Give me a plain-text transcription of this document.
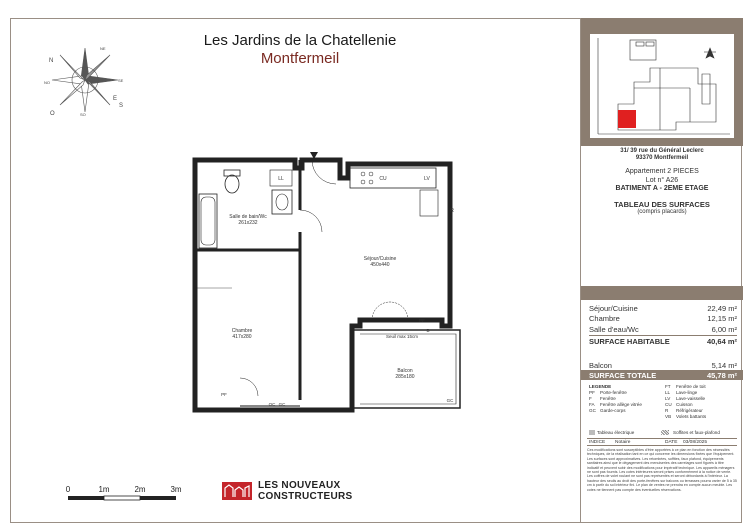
Les Jardins de la Chatellenie
Montfermeil
N
E
S
O
NE
SE
SO
NO
Salle de bain/Wc
261x232
Séjour/Cuisine
450x440
Chambre
417x280
Balcon
285x180
LL	CU	LV
R
PF
PF
GC
GC
Seuil max 15cm
OC
B
0	1m	2m	3m	LES NOUVEAUX
CONSTRUCTEURS
31/ 39 rue du Général Leclerc
93370 Montfermeil
Appartement 2 PIECES
Lot n° A26
BATIMENT A - 2EME ETAGE
TABLEAU DES SURFACES
(compris placards)
Séjour/Cuisine	22,49 m²
Chambre	12,15 m²
Salle d'eau/Wc	6,00 m²
SURFACE HABITABLE	40,64 m²
Balcon	5,14 m²
SURFACE TOTALE	45,78 m²
LEGENDE
PF Porte-fenêtre
F Fenêtre
FA Fenêtre allège vitrée
GC Garde-corps
FT Fenêtre de toit
LL Lave-linge
LV Lave-vaisselle
CU Cuisson
R Réfrigérateur
VB Volets battants
Tableau électrique	Soffites et faux-plafond
INDICE Notaire	DATE 03/08/2025
Ces modifications sont susceptibles d'être apportées à ce plan en fonction des nécessités techniques, de la réalisation tant en ce qui concerne les dimensions fixées que l'équipement. Les surfaces sont approximatives. Les retombées, soffites, faux plafond, équipements sanitaires ainsi que le dégagement des menuiseries des carrelages sont figurés à titre indicatif et peuvent subir des modifications pour impératif technique. Les appareils ménagers ne sont pas fournis. Les cotes intérieures seront prises conformément à la notice de vente. Les coffres de volet roulant ne sont pas représentés et seront débordants à l'intérieur. La hauteur des seuils au droit des porte-fenêtres sur balcons ou terrasses pourra varier de 5 à 35 cm à partir du sol intérieur fini. Le plan de ventes ne prendra en compte aucun meuble. Les cotes ne tiennent pas compte des éventuelles réservations.
